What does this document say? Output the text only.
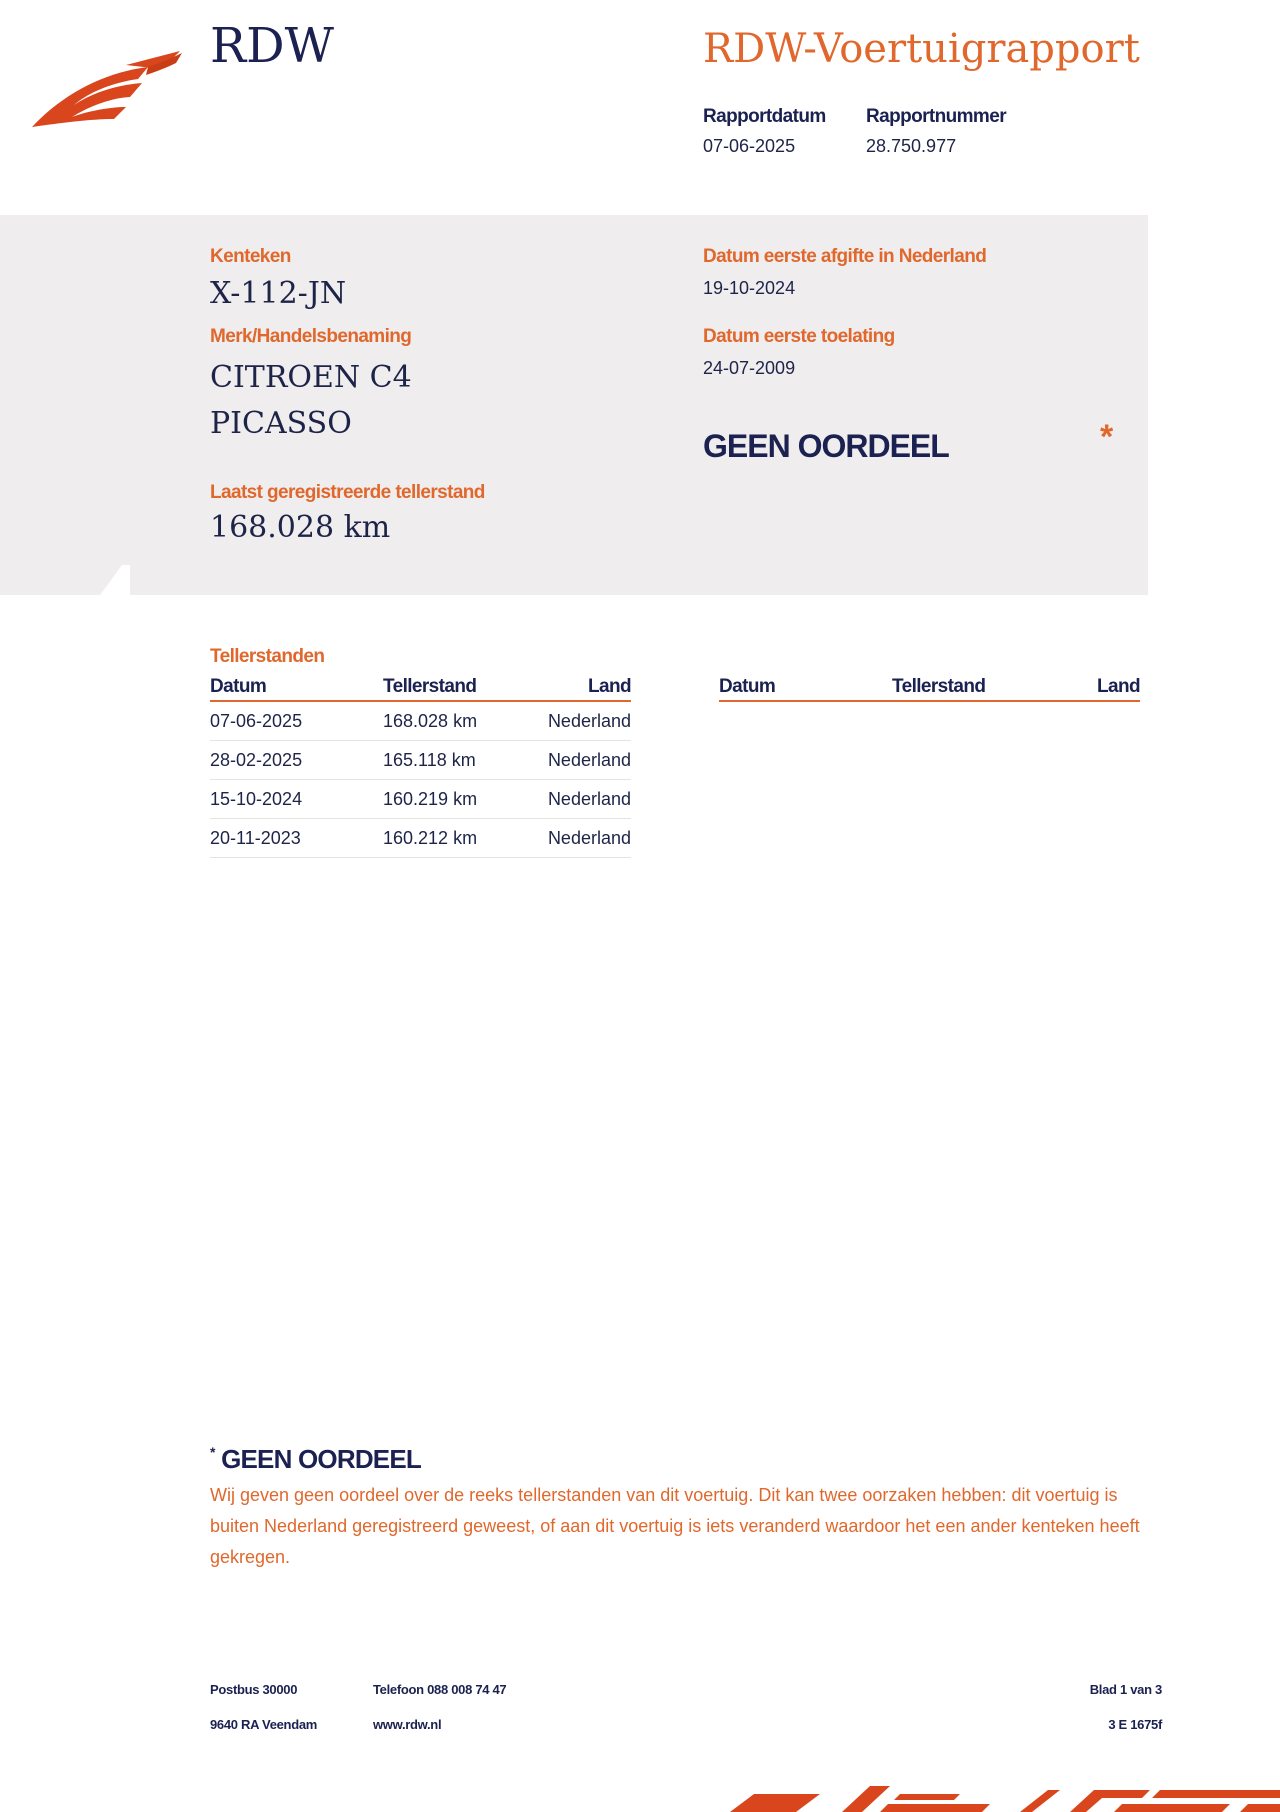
RDW	RDW-Voertuigrapport
Rapportdatum
07-06-2025
Rapportnummer
28.750.977
Kenteken
X-112-JN
Merk/Handelsbenaming
CITROEN C4
PICASSO
Laatst geregistreerde tellerstand
168.028 km
Datum eerste afgifte in Nederland
19-10-2024
Datum eerste toelating
24-07-2009
GEEN OORDEEL	*
Tellerstanden
Datum	Tellerstand	Land
07-06-2025	168.028 km	Nederland
28-02-2025	165.118 km	Nederland
15-10-2024	160.219 km	Nederland
20-11-2023	160.212 km	Nederland
Datum	Tellerstand	Land
* GEEN OORDEEL
Wij geven geen oordeel over de reeks tellerstanden van dit voertuig. Dit kan twee oorzaken hebben: dit voertuig is buiten Nederland geregistreerd geweest, of aan dit voertuig is iets veranderd waardoor het een ander kenteken heeft gekregen.
Postbus 30000
9640 RA Veendam
Telefoon 088 008 74 47
www.rdw.nl
Blad 1 van 3
3 E 1675f
